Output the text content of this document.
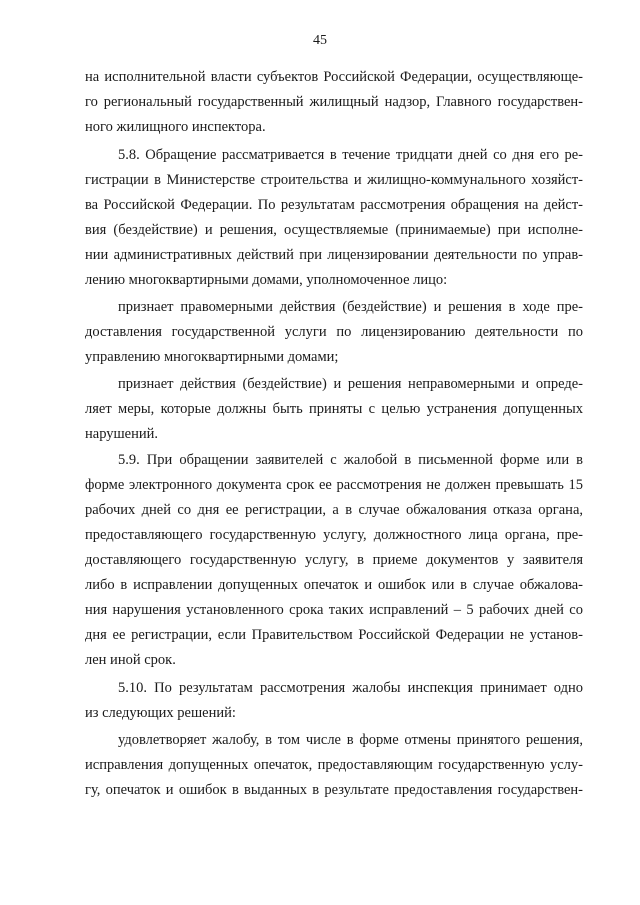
45
на исполнительной власти субъектов Российской Федерации, осуществляюще-
го региональный государственный жилищный надзор, Главного государствен-
ного жилищного инспектора.
5.8. Обращение рассматривается в течение тридцати дней со дня его ре-
гистрации в Министерстве строительства и жилищно-коммунального хозяйст-
ва Российской Федерации. По результатам рассмотрения обращения на дейст-
вия (бездействие) и решения, осуществляемые (принимаемые) при исполне-
нии административных действий при лицензировании деятельности по управ-
лению многоквартирными домами, уполномоченное лицо:
признает правомерными действия (бездействие) и решения в ходе пре-
доставления государственной услуги по лицензированию деятельности по
управлению многоквартирными домами;
признает действия (бездействие) и решения неправомерными и опреде-
ляет меры, которые должны быть приняты с целью устранения допущенных
нарушений.
5.9. При обращении заявителей с жалобой в письменной форме или в
форме электронного документа срок ее рассмотрения не должен превышать 15
рабочих дней со дня ее регистрации, а в случае обжалования отказа органа,
предоставляющего государственную услугу, должностного лица органа, пре-
доставляющего государственную услугу, в приеме документов у заявителя
либо в исправлении допущенных опечаток и ошибок или в случае обжалова-
ния нарушения установленного срока таких исправлений – 5 рабочих дней со
дня ее регистрации, если Правительством Российской Федерации не установ-
лен иной срок.
5.10. По результатам рассмотрения жалобы инспекция принимает одно
из следующих решений:
удовлетворяет жалобу, в том числе в форме отмены принятого решения,
исправления допущенных опечаток, предоставляющим государственную услу-
гу, опечаток и ошибок в выданных в результате предоставления государствен-
